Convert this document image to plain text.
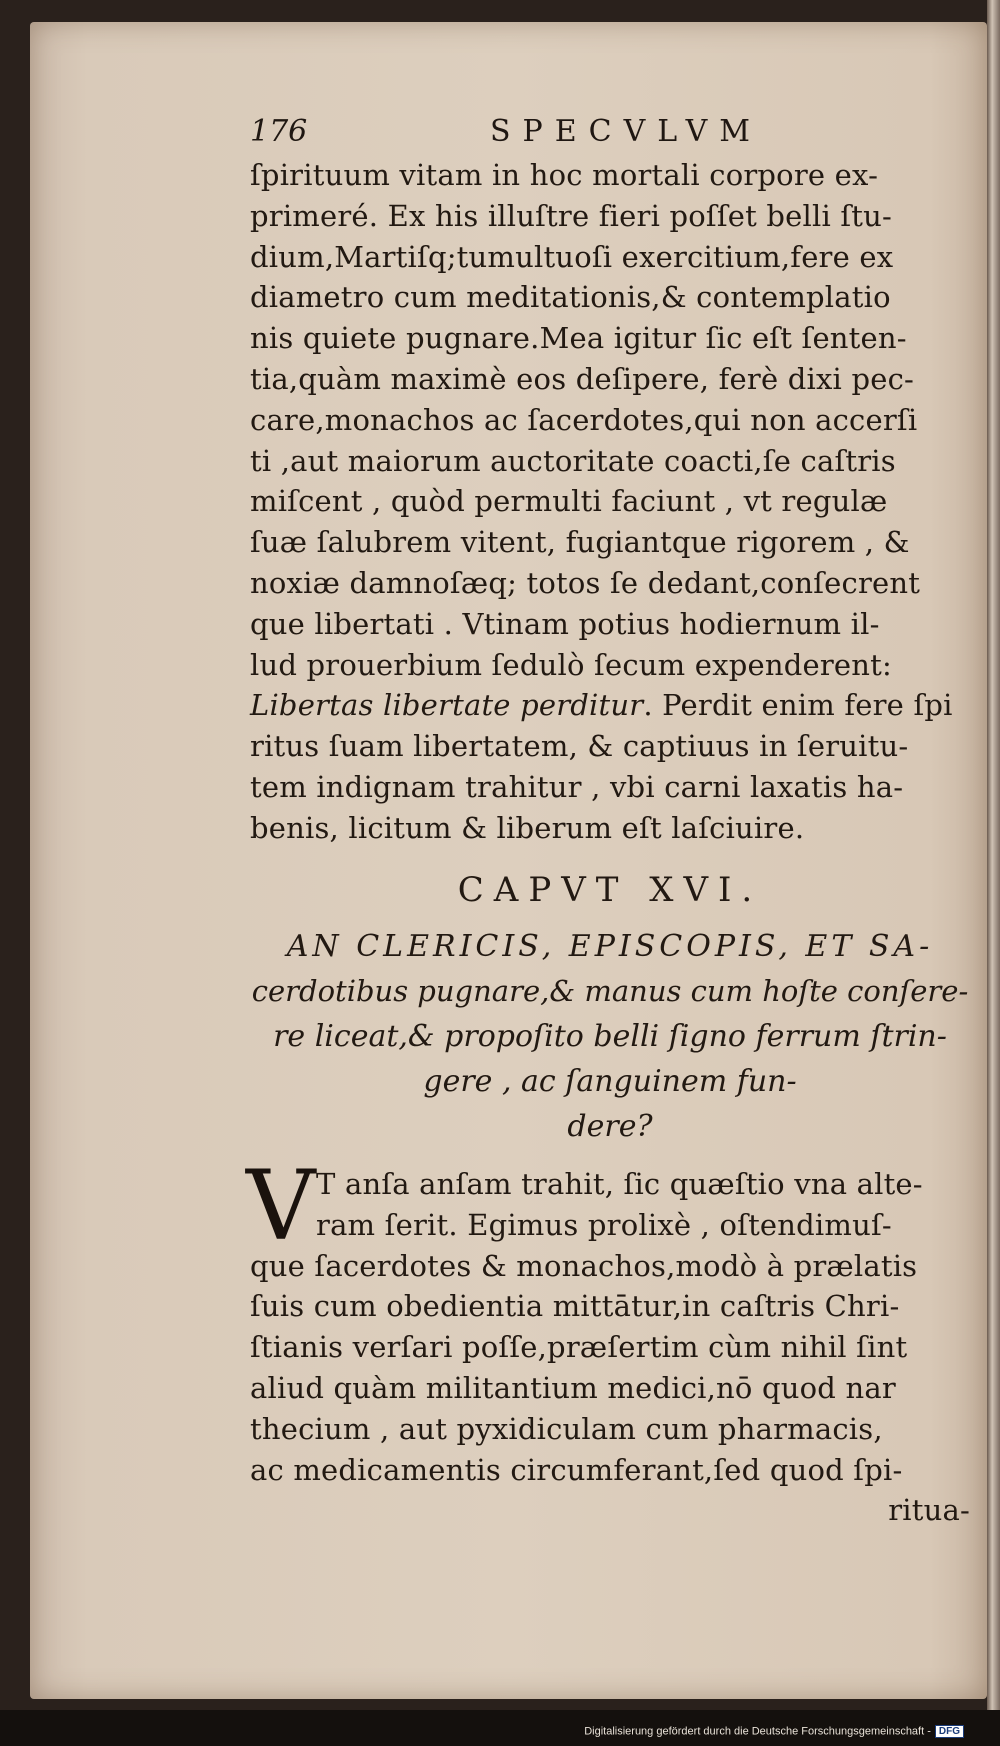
176	SPECVLVM
ſpirituum vitam in hoc mortali corpore ex-
primeré. Ex his illuſtre fieri poſſet belli ſtu-
dium,Martiſq;tumultuoſi exercitium,fere ex
diametro cum meditationis,& contemplatio
nis quiete pugnare.Mea igitur ſic eſt ſenten-
tia,quàm maximè eos deſipere, ferè dixi pec-
care,monachos ac ſacerdotes,qui non accerſi
ti ,aut maiorum auctoritate coacti,ſe caſtris
miſcent , quòd permulti faciunt , vt regulæ
ſuæ ſalubrem vitent, fugiantque rigorem , &
noxiæ damnoſæq; totos ſe dedant,conſecrent
que libertati . Vtinam potius hodiernum il-
lud prouerbium ſedulò ſecum expenderent:
Libertas libertate perditur. Perdit enim fere ſpi
ritus ſuam libertatem, & captiuus in ſeruitu-
tem indignam trahitur , vbi carni laxatis ha-
benis, licitum & liberum eſt laſciuire.
CAPVT XVI.
AN CLERICIS, EPISCOPIS, ET SA-
cerdotibus pugnare,& manus cum hoſte conſere-
re liceat,& propoſito belli ſigno ferrum ſtrin-
gere , ac ſanguinem fun-
dere?
V T anſa anſam trahit, ſic quæſtio vna alte-
ram ſerit. Egimus prolixè , oſtendimuſ-
que ſacerdotes & monachos,modò à prælatis
ſuis cum obedientia mittātur,in caſtris Chri-
ſtianis verſari poſſe,præſertim cùm nihil ſint
aliud quàm militantium medici,nō quod nar
thecium , aut pyxidiculam cum pharmacis,
ac medicamentis circumferant,ſed quod ſpi-
ritua-
Digitalisierung gefördert durch die Deutsche Forschungsgemeinschaft - DFG
